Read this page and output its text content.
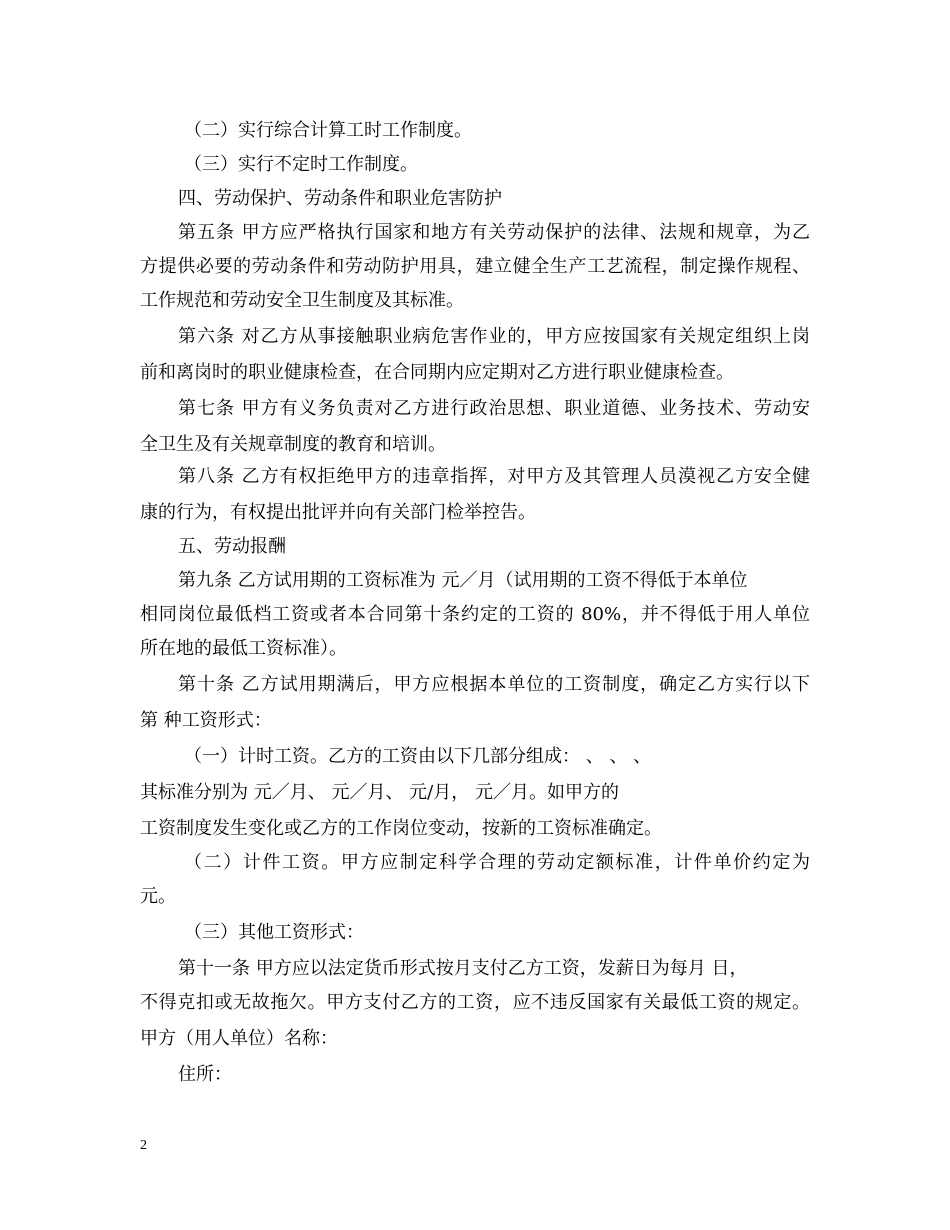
（二）实行综合计算工时工作制度。
（三）实行不定时工作制度。
四、劳动保护、劳动条件和职业危害防护
第五条 甲方应严格执行国家和地方有关劳动保护的法律、法规和规章，为乙
方提供必要的劳动条件和劳动防护用具，建立健全生产工艺流程，制定操作规程、
工作规范和劳动安全卫生制度及其标准。
第六条 对乙方从事接触职业病危害作业的，甲方应按国家有关规定组织上岗
前和离岗时的职业健康检查，在合同期内应定期对乙方进行职业健康检查。
第七条 甲方有义务负责对乙方进行政治思想、职业道德、业务技术、劳动安
全卫生及有关规章制度的教育和培训。
第八条 乙方有权拒绝甲方的违章指挥，对甲方及其管理人员漠视乙方安全健
康的行为，有权提出批评并向有关部门检举控告。
五、劳动报酬
第九条 乙方试用期的工资标准为 元／月（试用期的工资不得低于本单位
相同岗位最低档工资或者本合同第十条约定的工资的 80%，并不得低于用人单位
所在地的最低工资标准）。
第十条 乙方试用期满后，甲方应根据本单位的工资制度，确定乙方实行以下
第 种工资形式：
（一）计时工资。乙方的工资由以下几部分组成： 、 、 、
其标准分别为 元／月、 元／月、 元/月， 元／月。如甲方的
工资制度发生变化或乙方的工作岗位变动，按新的工资标准确定。
（二）计件工资。甲方应制定科学合理的劳动定额标准，计件单价约定为
元。
（三）其他工资形式：
第十一条 甲方应以法定货币形式按月支付乙方工资，发薪日为每月 日，
不得克扣或无故拖欠。甲方支付乙方的工资，应不违反国家有关最低工资的规定。
甲方（用人单位）名称：
住所：
2
